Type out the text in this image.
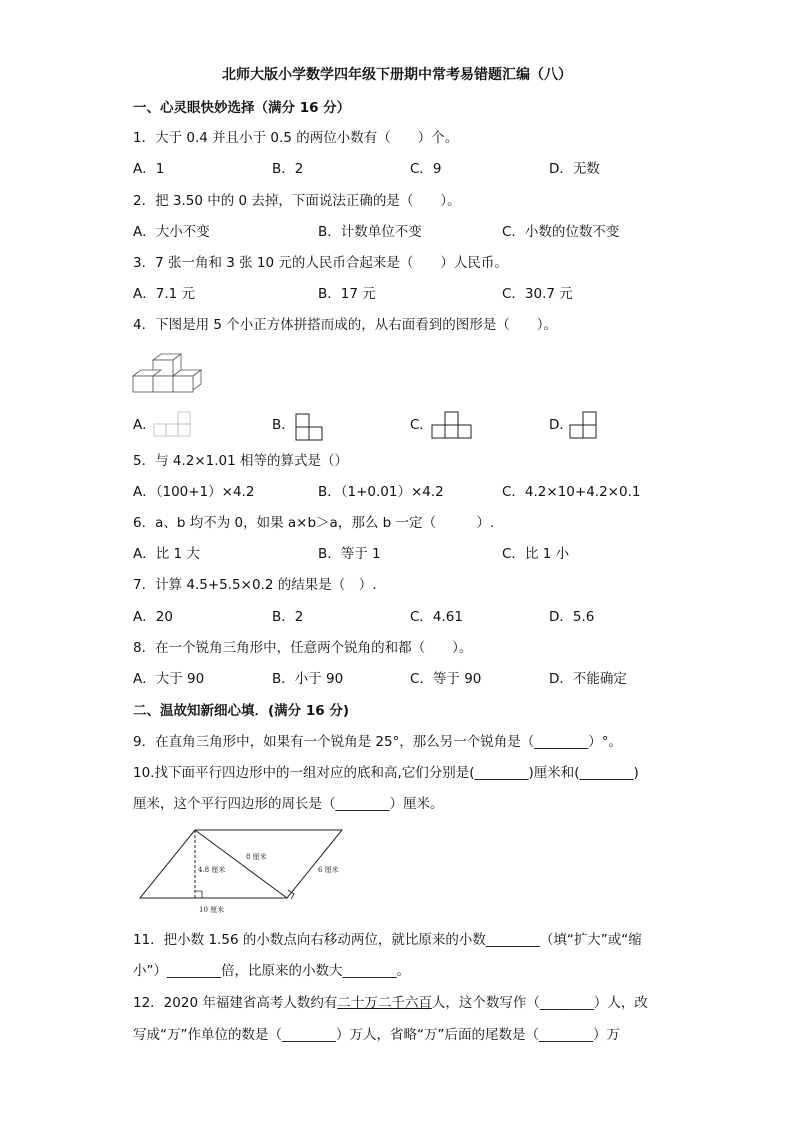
北师大版小学数学四年级下册期中常考易错题汇编（八）
一、心灵眼快妙选择（满分 16 分）
1．大于 0.4 并且小于 0.5 的两位小数有（　　）个。
A．1	B．2	C．9	D．无数
2．把 3.50 中的 0 去掉，下面说法正确的是（　　）。
A．大小不变	B．计数单位不变	C．小数的位数不变
3．7 张一角和 3 张 10 元的人民币合起来是（　　）人民币。
A．7.1 元	B．17 元	C．30.7 元
4．下图是用 5 个小正方体拼搭而成的，从右面看到的图形是（　　）。
A．	B．	C．	D．
5．与 4.2×1.01 相等的算式是（）
A．（100+1）×4.2	B．（1+0.01）×4.2	C．4.2×10+4.2×0.1
6．a、b 均不为 0，如果 a×b＞a，那么 b 一定（　　　）.
A．比 1 大	B．等于 1	C．比 1 小
7．计算 4.5+5.5×0.2 的结果是（　）.
A．20	B．2	C．4.61	D．5.6
8．在一个锐角三角形中，任意两个锐角的和都（　　）。
A．大于 90	B．小于 90	C．等于 90	D．不能确定
二、温故知新细心填．(满分 16 分)
9．在直角三角形中，如果有一个锐角是 25°，那么另一个锐角是（________）°。
10.找下面平行四边形中的一组对应的底和高,它们分别是(________)厘米和(________)
厘米，这个平行四边形的周长是（________）厘米。
4.8 厘米
8 厘米
6 厘米
10 厘米
11．把小数 1.56 的小数点向右移动两位，就比原来的小数________（填“扩大”或“缩
小”）________倍，比原来的小数大________。
12．2020 年福建省高考人数约有二十万二千六百人，这个数写作（________）人，改
写成“万”作单位的数是（________）万人，省略“万”后面的尾数是（________）万
